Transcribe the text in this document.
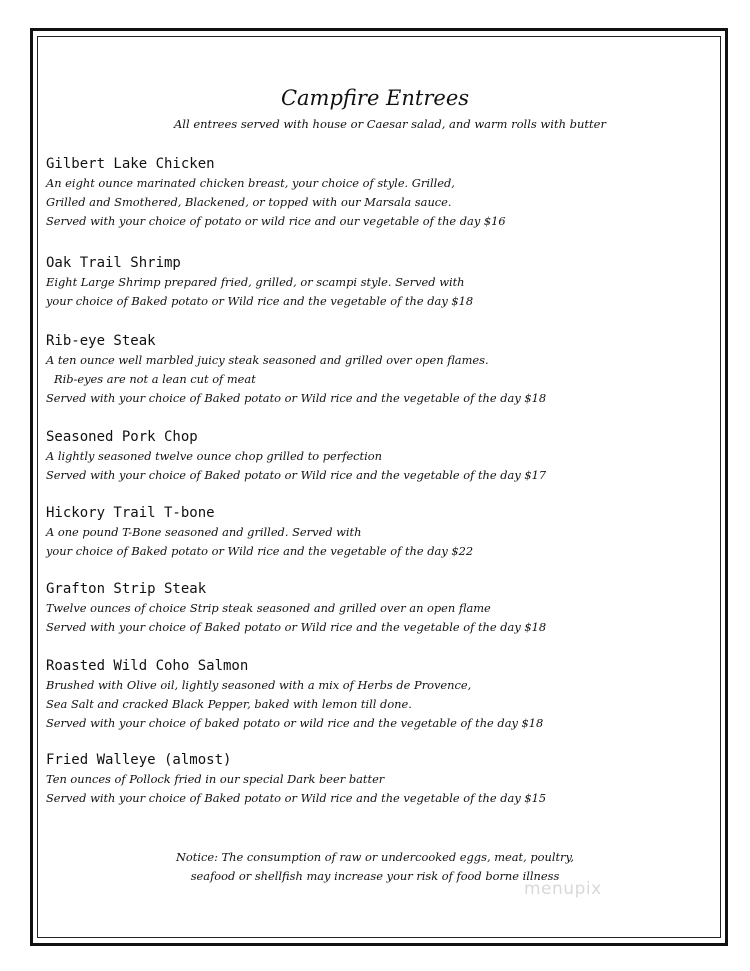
Campfire Entrees
All entrees served with house or Caesar salad, and warm rolls with butter
Gilbert Lake Chicken
An eight ounce marinated chicken breast, your choice of style. Grilled,
Grilled and Smothered, Blackened, or topped with our Marsala sauce.
Served with your choice of potato or wild rice and our vegetable of the day $16
Oak Trail Shrimp
Eight Large Shrimp prepared fried, grilled, or scampi style. Served with
your choice of Baked potato or Wild rice and the vegetable of the day $18
Rib-eye Steak
A ten ounce well marbled juicy steak seasoned and grilled over open flames.
Rib-eyes are not a lean cut of meat
Served with your choice of Baked potato or Wild rice and the vegetable of the day $18
Seasoned Pork Chop
A lightly seasoned twelve ounce chop grilled to perfection
Served with your choice of Baked potato or Wild rice and the vegetable of the day $17
Hickory Trail T-bone
A one pound T-Bone seasoned and grilled. Served with
your choice of Baked potato or Wild rice and the vegetable of the day $22
Grafton Strip Steak
Twelve ounces of choice Strip steak seasoned and grilled over an open flame
Served with your choice of Baked potato or Wild rice and the vegetable of the day $18
Roasted Wild Coho Salmon
Brushed with Olive oil, lightly seasoned with a mix of Herbs de Provence,
Sea Salt and cracked Black Pepper, baked with lemon till done.
Served with your choice of baked potato or wild rice and the vegetable of the day $18
Fried Walleye (almost)
Ten ounces of Pollock fried in our special Dark beer batter
Served with your choice of Baked potato or Wild rice and the vegetable of the day $15
Notice: The consumption of raw or undercooked eggs, meat, poultry,
seafood or shellfish may increase your risk of food borne illness
menupix
